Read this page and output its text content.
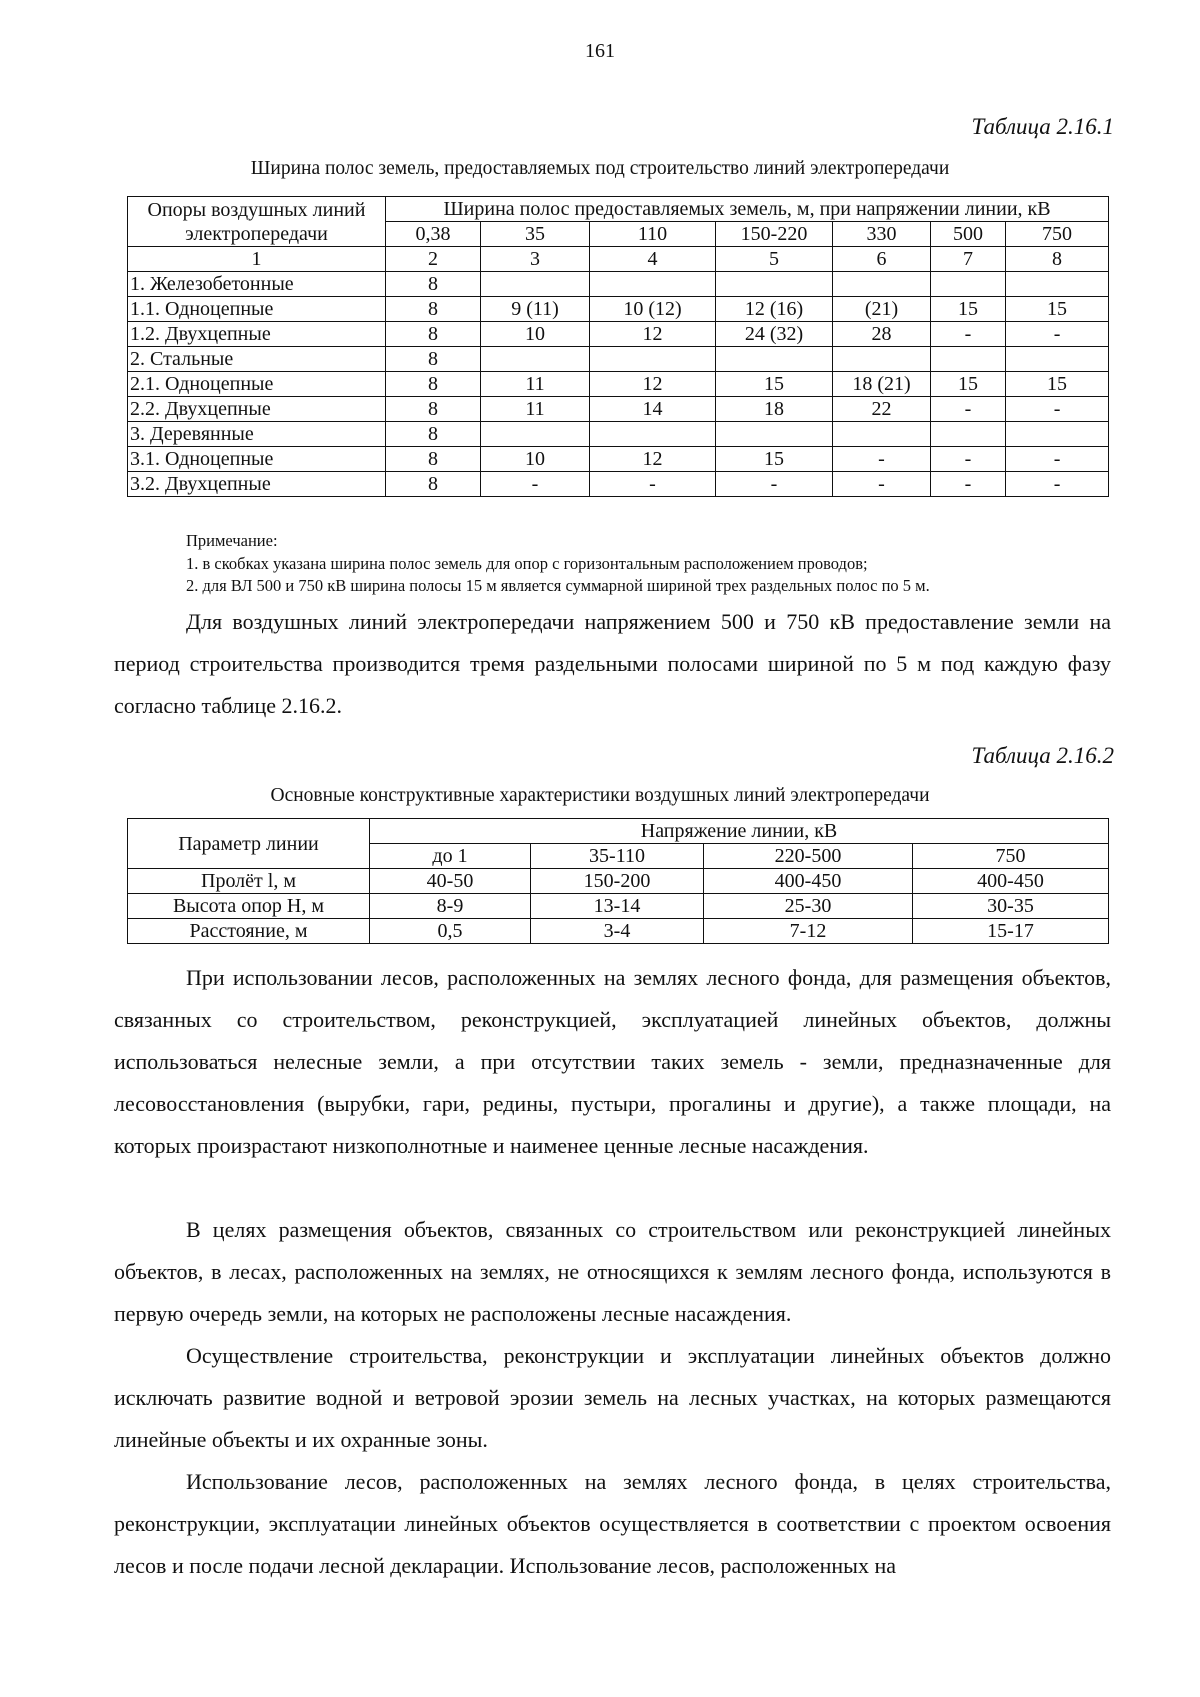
161
Таблица 2.16.1
Ширина полос земель, предоставляемых под строительство линий электропередачи
Опоры воздушных линий электропередачи	Ширина полос предоставляемых земель, м, при напряжении линии, кВ						
	0,38	35	110	150-220	330	500	750
1	2	3	4	5	6	7	8
1. Железобетонные	8						
1.1. Одноцепные	8	9 (11)	10 (12)	12 (16)	(21)	15	15
1.2. Двухцепные	8	10	12	24 (32)	28	-	-
2. Стальные	8						
2.1. Одноцепные	8	11	12	15	18 (21)	15	15
2.2. Двухцепные	8	11	14	18	22	-	-
3. Деревянные	8						
3.1. Одноцепные	8	10	12	15	-	-	-
3.2. Двухцепные	8	-	-	-	-	-	-
Примечание:
1. в скобках указана ширина полос земель для опор с горизонтальным расположением проводов;
2. для ВЛ 500 и 750 кВ ширина полосы 15 м является суммарной шириной трех раздельных полос по 5 м.

Для воздушных линий электропередачи напряжением 500 и 750 кВ предоставление земли на период строительства производится тремя раздельными полосами шириной по 5 м под каждую фазу согласно таблице 2.16.2.

Таблица 2.16.2
Основные конструктивные характеристики воздушных линий электропередачи
Параметр линии	Напряжение линии, кВ			
	до 1	35-110	220-500	750
Пролёт l, м	40-50	150-200	400-450	400-450
Высота опор H, м	8-9	13-14	25-30	30-35
Расстояние, м	0,5	3-4	7-12	15-17

При использовании лесов, расположенных на землях лесного фонда, для размещения объектов, связанных со строительством, реконструкцией, эксплуатацией линейных объектов, должны использоваться нелесные земли, а при отсутствии таких земель - земли, предназначенные для лесовосстановления (вырубки, гари, редины, пустыри, прогалины и другие), а также площади, на которых произрастают низкополнотные и наименее ценные лесные насаждения.

В целях размещения объектов, связанных со строительством или реконструкцией линейных объектов, в лесах, расположенных на землях, не относящихся к землям лесного фонда, используются в первую очередь земли, на которых не расположены лесные насаждения.

Осуществление строительства, реконструкции и эксплуатации линейных объектов должно исключать развитие водной и ветровой эрозии земель на лесных участках, на которых размещаются линейные объекты и их охранные зоны.

Использование лесов, расположенных на землях лесного фонда, в целях строительства, реконструкции, эксплуатации линейных объектов осуществляется в соответствии с проектом освоения лесов и после подачи лесной декларации. Использование лесов, расположенных на
